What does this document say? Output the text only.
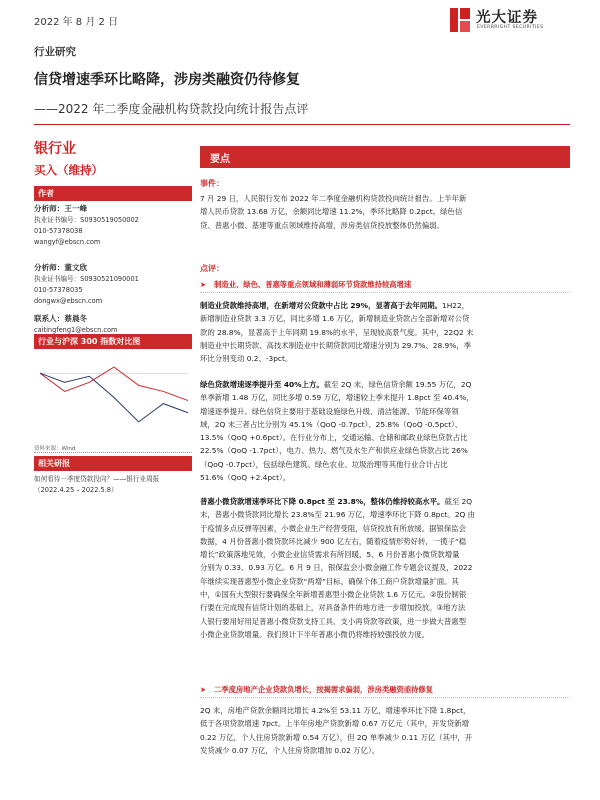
2022 年 8 月 2 日	光大证券
EVERBRIGHT SECURITIES
行业研究
信贷增速季环比略降，涉房类融资仍待修复
——2022 年二季度金融机构贷款投向统计报告点评
银行业
买入（维持）
作者
分析师：王一峰
执业证书编号：S0930519050002
010-57378038
wangyf@ebscn.com
分析师：董文欣
执业证书编号：S0930521090001
010-57378035
dongwx@ebscn.com
联系人：蔡晨冬
caitingfeng1@ebscn.com
行业与沪深 300 指数对比图
资料来源：Wind
相关研报
如何看待一季度贷款投向？——银行业周报
（2022.4.25 – 2022.5.8）
要点
事件：

7 月 29 日，人民银行发布 2022 年二季度金融机构贷款投向统计报告。上半年新

增人民币贷款 13.68 万亿，余额同比增速 11.2%，季环比略降 0.2pct。绿色信

贷、普惠小微、基建等重点领域维持高增，涉房类信贷投放整体仍然偏弱。

点评：
➤ 制造业、绿色、普惠等重点领域和薄弱环节贷款维持较高增速

制造业贷款维持高增，在新增对公贷款中占比 29%，显著高于去年同期。1H22，

新增制造业贷款 3.3 万亿，同比多增 1.6 万亿，新增制造业贷款占全部新增对公贷

款的 28.8%，显著高于上年同期 19.8%的水平，呈现较高景气度。其中，22Q2 末

制造业中长期贷款、高技术制造业中长期贷款同比增速分别为 29.7%、28.9%，季

环比分别变动 0.2、-3pct。

绿色贷款增速逐季提升至 40%上方。截至 2Q 末，绿色信贷余额 19.55 万亿，2Q

单季新增 1.48 万亿，同比多增 0.59 万亿，增速较上季末提升 1.8pct 至 40.4%，

增速逐季提升。绿色信贷主要用于基础设施绿色升级、清洁能源、节能环保等领

域，2Q 末三者占比分别为 45.1%（QoQ -0.7pct）、25.8%（QoQ -0.5pct）、

13.5%（QoQ +0.6pct）。在行业分布上，交通运输、仓储和邮政业绿色贷款占比

22.5%（QoQ -1.7pct），电力、热力、燃气及水生产和供应业绿色贷款占比 26%

（QoQ -0.7pct），包括绿色建筑、绿色农业、垃圾治理等其他行业合计占比

51.6%（QoQ +2.4pct）。

普惠小微贷款增速季环比下降 0.8pct 至 23.8%，整体仍维持较高水平。截至 2Q

末，普惠小微贷款同比增长 23.8%至 21.96 万亿，增速季环比下降 0.8pct。2Q 由

于疫情多点反弹等因素，小微企业生产经营受阻，信贷投放有所放缓。据银保监会

数据，4 月份普惠小微贷款环比减少 900 亿左右，随着疫情形势好转，一揽子“稳

增长”政策落地见效，小微企业信贷需求有所回暖，5、6 月份普惠小微贷款增量

分别为 0.33、0.93 万亿。6 月 9 日，银保监会小微金融工作专题会议提及，2022

年继续实现普惠型小微企业贷款“两增”目标，确保个体工商户贷款增量扩面。其

中，①国有大型银行要确保全年新增普惠型小微企业贷款 1.6 万亿元。②股份制银

行要在完成现有信贷计划的基础上，对具备条件的地方进一步增加投放。③地方法

人银行要用好用足普惠小微贷款支持工具、支小再贷款等政策，进一步做大普惠型

小微企业贷款增量。我们预计下半年普惠小微仍将维持较强投放力度。

➤ 二季度房地产企业贷款负增长，按揭需求偏弱，涉房类融资亟待修复

2Q 末，房地产贷款余额同比增长 4.2%至 53.11 万亿，增速季环比下降 1.8pct，

低于各项贷款增速 7pct。上半年房地产贷款新增 0.67 万亿元（其中，开发贷新增

0.22 万亿，个人住房贷款新增 0.54 万亿），但 2Q 单季减少 0.11 万亿（其中，开

发贷减少 0.07 万亿，个人住房贷款增加 0.02 万亿）。
